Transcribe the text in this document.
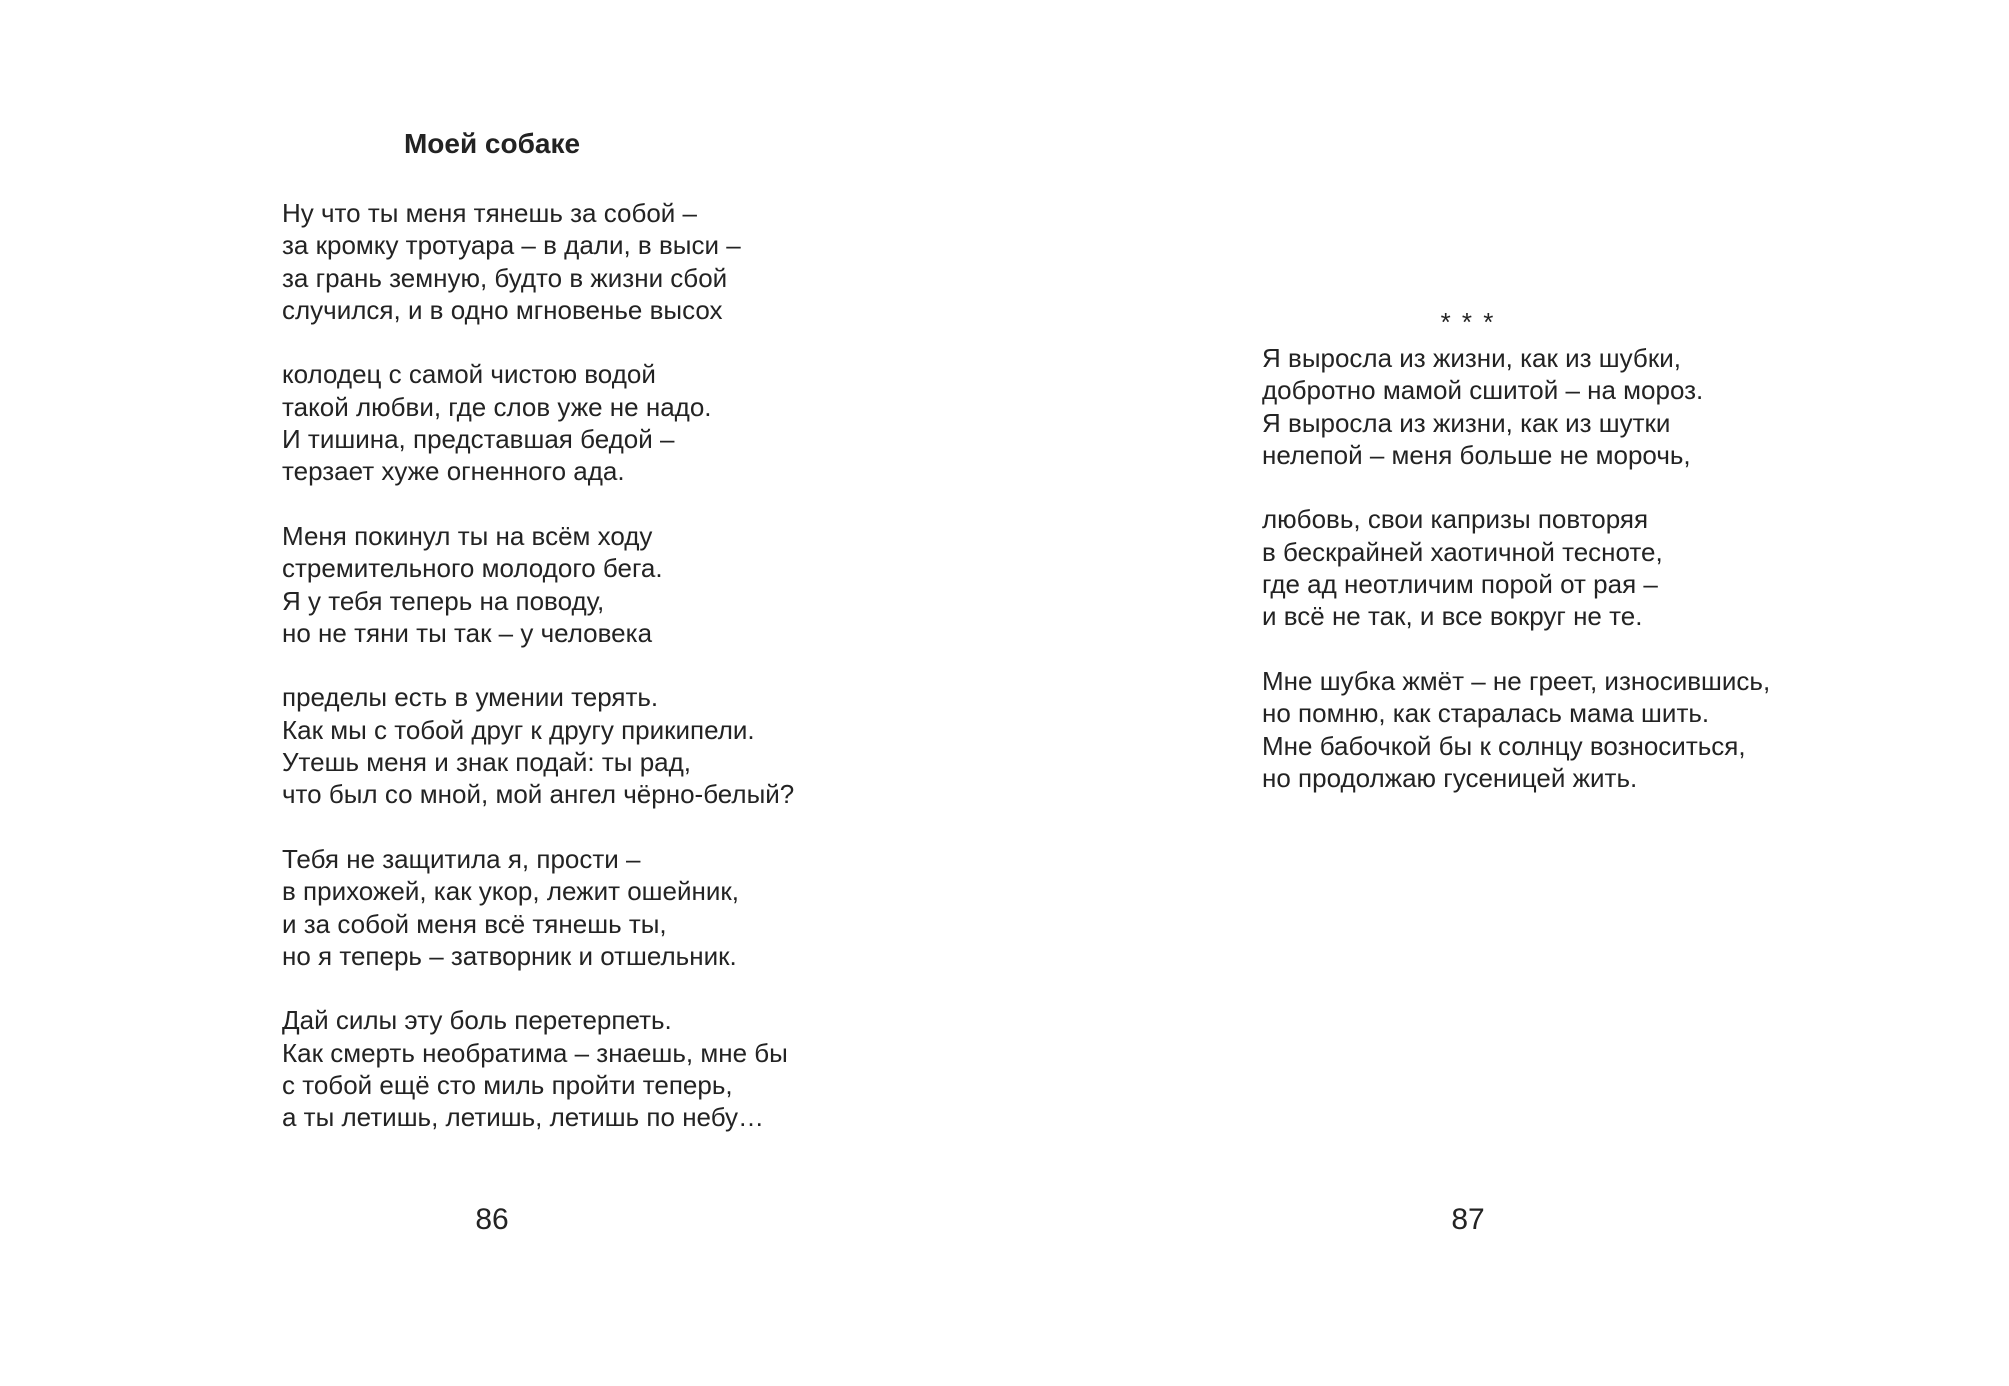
Моей собаке
Ну что ты меня тянешь за собой –
за кромку тротуара – в дали, в выси –
за грань земную, будто в жизни сбой
случился, и в одно мгновенье высох
колодец с самой чистою водой
такой любви, где слов уже не надо.
И тишина, представшая бедой –
терзает хуже огненного ада.
Меня покинул ты на всём ходу
стремительного молодого бега.
Я у тебя теперь на поводу,
но не тяни ты так – у человека
пределы есть в умении терять.
Как мы с тобой друг к другу прикипели.
Утешь меня и знак подай: ты рад,
что был со мной, мой ангел чёрно-белый?
Тебя не защитила я, прости –
в прихожей, как укор, лежит ошейник,
и за собой меня всё тянешь ты,
но я теперь – затворник и отшельник.
Дай силы эту боль перетерпеть.
Как смерть необратима – знаешь, мне бы
с тобой ещё сто миль пройти теперь,
а ты летишь, летишь, летишь по небу…
86
* * *
Я выросла из жизни, как из шубки,
добротно мамой сшитой – на мороз.
Я выросла из жизни, как из шутки
нелепой – меня больше не морочь,
любовь, свои капризы повторяя
в бескрайней хаотичной тесноте,
где ад неотличим порой от рая –
и всё не так, и все вокруг не те.
Мне шубка жмёт – не греет, износившись,
но помню, как старалась мама шить.
Мне бабочкой бы к солнцу возноситься,
но продолжаю гусеницей жить.
87
